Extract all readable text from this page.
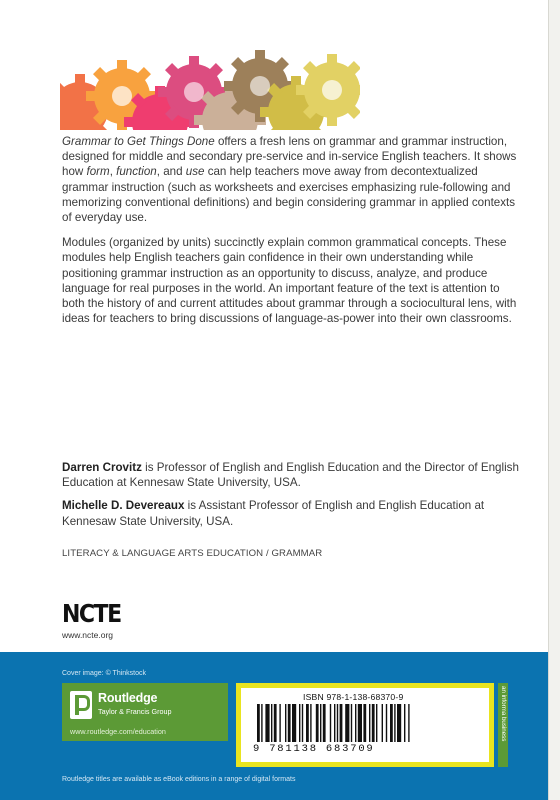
Grammar to Get Things Done offers a fresh lens on grammar and grammar instruction, designed for middle and secondary pre-service and in-service English teachers. It shows how form, function, and use can help teachers move away from decontextualized grammar instruction (such as worksheets and exercises emphasizing rule-following and memorizing conventional definitions) and begin considering grammar in applied contexts of everyday use.

Modules (organized by units) succinctly explain common grammatical concepts. These modules help English teachers gain confidence in their own understanding while positioning grammar instruction as an opportunity to discuss, analyze, and produce language for real purposes in the world. An important feature of the text is attention to both the history of and current attitudes about grammar through a sociocultural lens, with ideas for teachers to bring discussions of language-as-power into their own classrooms.

Darren Crovitz is Professor of English and English Education and the Director of English Education at Kennesaw State University, USA.

Michelle D. Devereaux is Assistant Professor of English and English Education at Kennesaw State University, USA.

LITERACY & LANGUAGE ARTS EDUCATION / GRAMMAR
NCTE
www.ncte.org
Cover image: © Thinkstock
Routledge
Taylor & Francis Group
www.routledge.com/education
ISBN 978-1-138-68370-9
9 781138 683709
an informa business
Routledge titles are available as eBook editions in a range of digital formats
